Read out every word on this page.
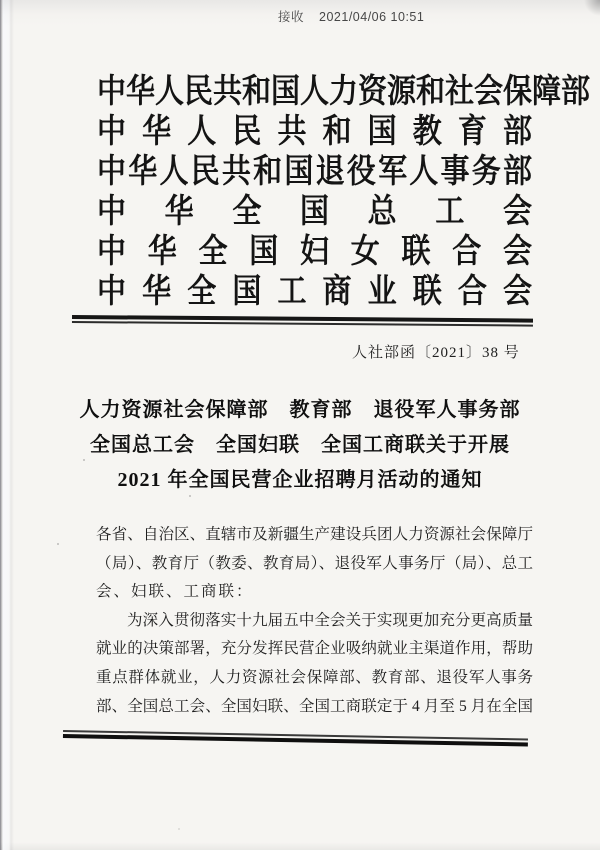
接收 2021/04/06 10:51
中华人民共和国人力资源和社会保障部
中华人民共和国教育部
中华人民共和国退役军人事务部
中华全国总工会
中华全国妇女联合会
中华全国工商业联合会
人社部函〔2021〕38 号
人力资源社会保障部　教育部　退役军人事务部
全国总工会　全国妇联　全国工商联关于开展
2021 年全国民营企业招聘月活动的通知
各省、自治区、直辖市及新疆生产建设兵团人力资源社会保障厅
（局）、教育厅（教委、教育局）、退役军人事务厅（局）、总工
会、妇联、工商联：
为深入贯彻落实十九届五中全会关于实现更加充分更高质量
就业的决策部署，充分发挥民营企业吸纳就业主渠道作用，帮助
重点群体就业，人力资源社会保障部、教育部、退役军人事务
部、全国总工会、全国妇联、全国工商联定于 4 月至 5 月在全国
